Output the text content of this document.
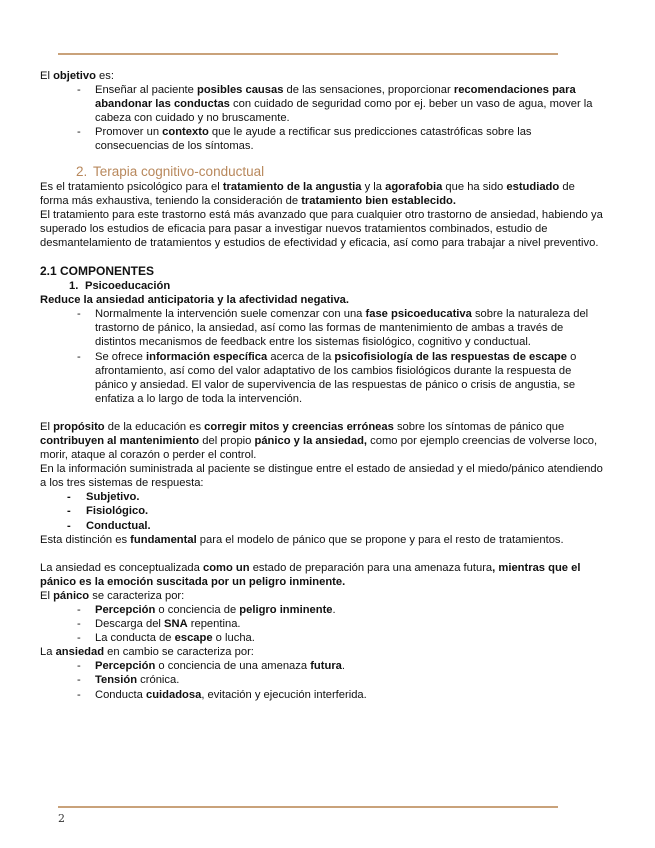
El objetivo es:

- Enseñar al paciente posibles causas de las sensaciones, proporcionar recomendaciones para abandonar las conductas con cuidado de seguridad como por ej. beber un vaso de agua, mover la cabeza con cuidado y no bruscamente.
- Promover un contexto que le ayude a rectificar sus predicciones catastróficas sobre las consecuencias de los síntomas.
2. Terapia cognitivo-conductual

Es el tratamiento psicológico para el tratamiento de la angustia y la agorafobia que ha sido estudiado de forma más exhaustiva, teniendo la consideración de tratamiento bien establecido.

El tratamiento para este trastorno está más avanzado que para cualquier otro trastorno de ansiedad, habiendo ya superado los estudios de eficacia para pasar a investigar nuevos tratamientos combinados, estudio de desmantelamiento de tratamientos y estudios de efectividad y eficacia, así como para trabajar a nivel preventivo.

2.1 COMPONENTES
1. Psicoeducación

Reduce la ansiedad anticipatoria y la afectividad negativa.

- Normalmente la intervención suele comenzar con una fase psicoeducativa sobre la naturaleza del trastorno de pánico, la ansiedad, así como las formas de mantenimiento de ambas a través de distintos mecanismos de feedback entre los sistemas fisiológico, cognitivo y conductual.
- Se ofrece información específica acerca de la psicofisiología de las respuestas de escape o afrontamiento, así como del valor adaptativo de los cambios fisiológicos durante la respuesta de pánico y ansiedad. El valor de supervivencia de las respuestas de pánico o crisis de angustia, se enfatiza a lo largo de toda la intervención.

El propósito de la educación es corregir mitos y creencias erróneas sobre los síntomas de pánico que contribuyen al mantenimiento del propio pánico y la ansiedad, como por ejemplo creencias de volverse loco, morir, ataque al corazón o perder el control.

En la información suministrada al paciente se distingue entre el estado de ansiedad y el miedo/pánico atendiendo a los tres sistemas de respuesta:

- Subjetivo.
- Fisiológico.
- Conductual.

Esta distinción es fundamental para el modelo de pánico que se propone y para el resto de tratamientos.

La ansiedad es conceptualizada como un estado de preparación para una amenaza futura, mientras que el pánico es la emoción suscitada por un peligro inminente.

El pánico se caracteriza por:

- Percepción o conciencia de peligro inminente.
- Descarga del SNA repentina.
- La conducta de escape o lucha.

La ansiedad en cambio se caracteriza por:

- Percepción o conciencia de una amenaza futura.
- Tensión crónica.
- Conducta cuidadosa, evitación y ejecución interferida.
2
